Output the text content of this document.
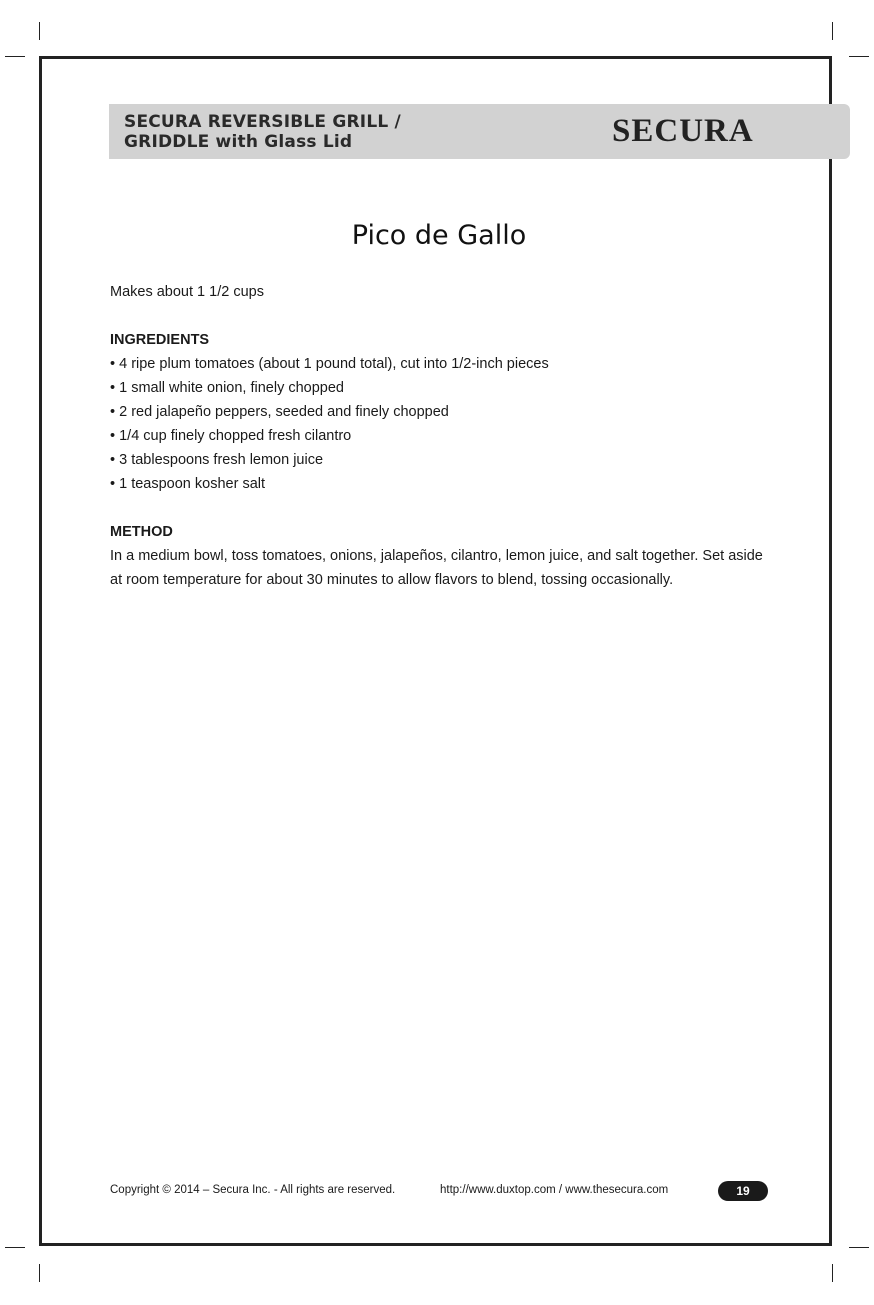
SECURA REVERSIBLE GRILL /
GRIDDLE with Glass Lid	SECURA
Pico de Gallo

Makes about 1 1/2 cups

INGREDIENTS
• 4 ripe plum tomatoes (about 1 pound total), cut into 1/2-inch pieces
• 1 small white onion, finely chopped
• 2 red jalapeño peppers, seeded and finely chopped
• 1/4 cup finely chopped fresh cilantro
• 3 tablespoons fresh lemon juice
• 1 teaspoon kosher salt
METHOD

In a medium bowl, toss tomatoes, onions, jalapeños, cilantro, lemon juice, and salt together. Set aside at room temperature for about 30 minutes to allow flavors to blend, tossing occasionally.

Copyright © 2014 – Secura Inc. - All rights are reserved.	http://www.duxtop.com / www.thesecura.com	19
